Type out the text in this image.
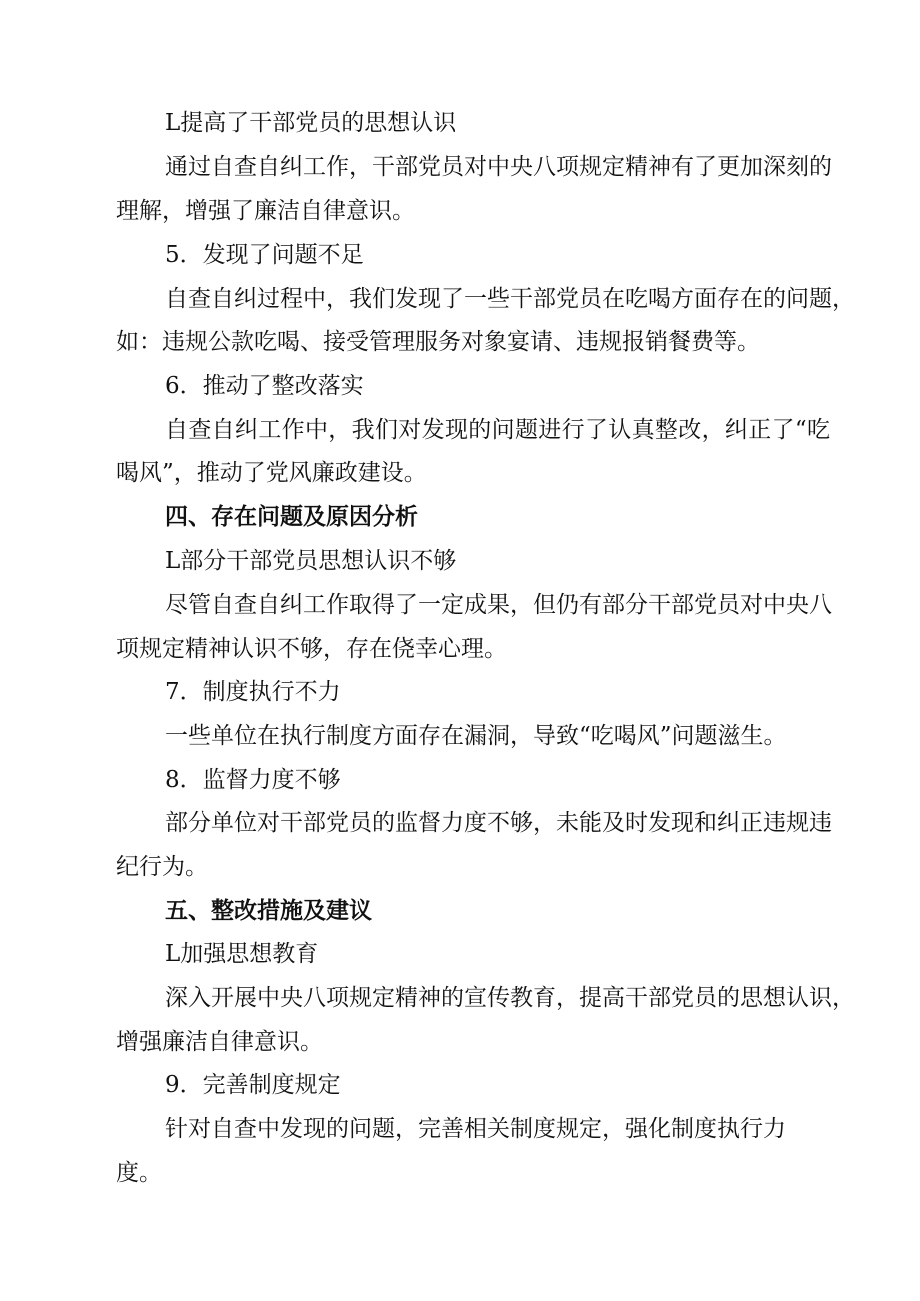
L提高了干部党员的思想认识
通过自查自纠工作，干部党员对中央八项规定精神有了更加深刻的
理解，增强了廉洁自律意识。
5．发现了问题不足
自查自纠过程中，我们发现了一些干部党员在吃喝方面存在的问题，
如：违规公款吃喝、接受管理服务对象宴请、违规报销餐费等。
6．推动了整改落实
自查自纠工作中，我们对发现的问题进行了认真整改，纠正了“吃
喝风”，推动了党风廉政建设。
四、存在问题及原因分析
L部分干部党员思想认识不够
尽管自查自纠工作取得了一定成果，但仍有部分干部党员对中央八
项规定精神认识不够，存在侥幸心理。
7．制度执行不力
一些单位在执行制度方面存在漏洞，导致“吃喝风”问题滋生。
8．监督力度不够
部分单位对干部党员的监督力度不够，未能及时发现和纠正违规违
纪行为。
五、整改措施及建议
L加强思想教育
深入开展中央八项规定精神的宣传教育，提高干部党员的思想认识，
增强廉洁自律意识。
9．完善制度规定
针对自查中发现的问题，完善相关制度规定，强化制度执行力
度。
